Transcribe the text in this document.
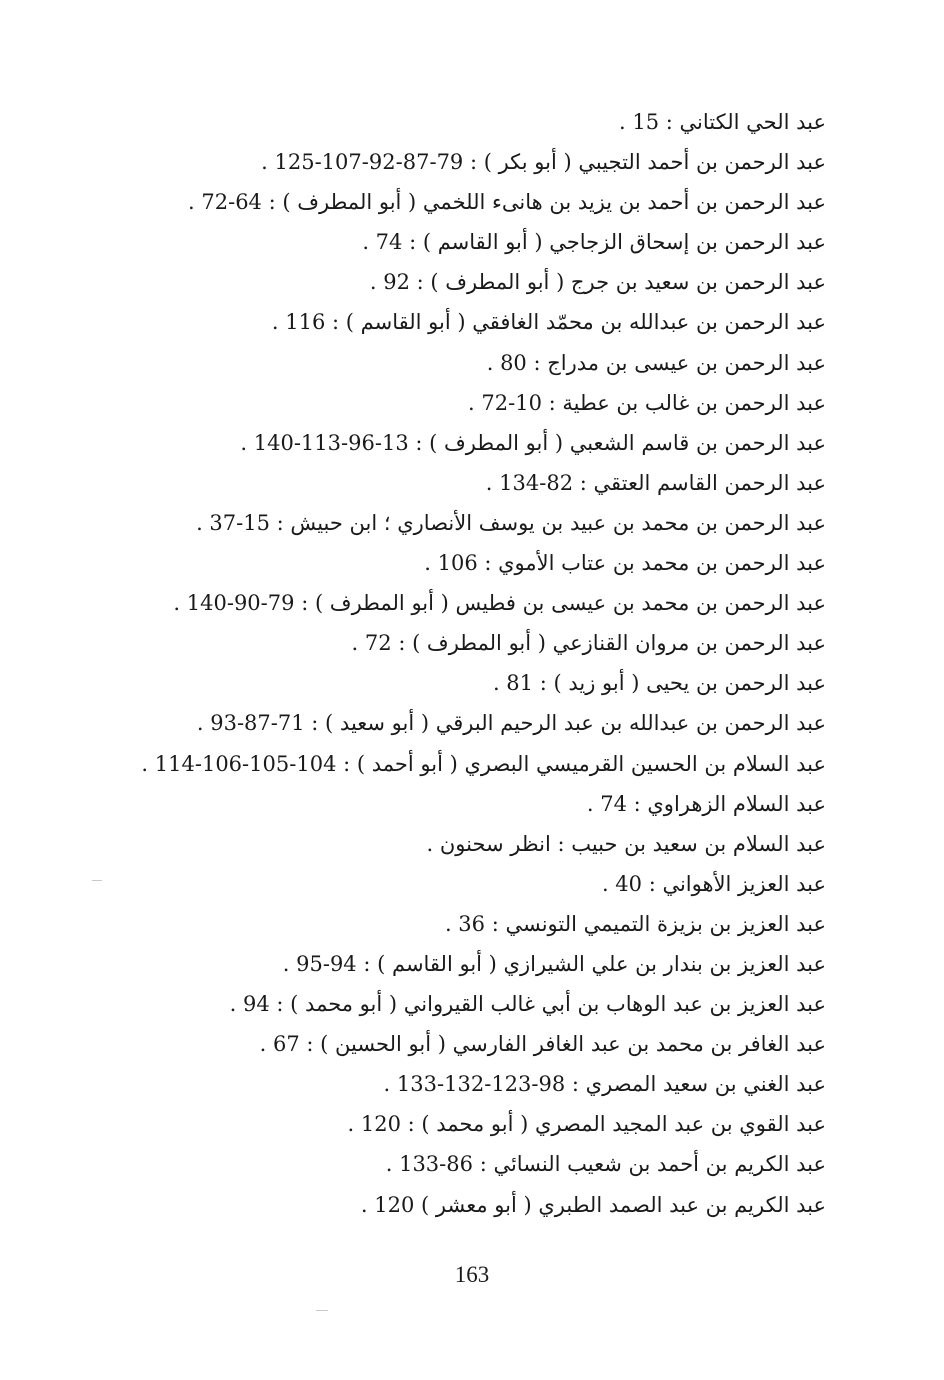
عبد الحي الكتاني : 15 .
عبد الرحمن بن أحمد التجيبي ( أبو بكر ) : 79-87-92-107-125 .
عبد الرحمن بن أحمد بن يزيد بن هانىء اللخمي ( أبو المطرف ) : 64-72 .
عبد الرحمن بن إسحاق الزجاجي ( أبو القاسم ) : 74 .
عبد الرحمن بن سعيد بن جرج ( أبو المطرف ) : 92 .
عبد الرحمن بن عبدالله بن محمّد الغافقي ( أبو القاسم ) : 116 .
عبد الرحمن بن عيسى بن مدراج : 80 .
عبد الرحمن بن غالب بن عطية : 10-72 .
عبد الرحمن بن قاسم الشعبي ( أبو المطرف ) : 13-96-113-140 .
عبد الرحمن القاسم العتقي : 82-134 .
عبد الرحمن بن محمد بن عبيد بن يوسف الأنصاري ؛ ابن حبيش : 15-37 .
عبد الرحمن بن محمد بن عتاب الأموي : 106 .
عبد الرحمن بن محمد بن عيسى بن فطيس ( أبو المطرف ) : 79-90-140 .
عبد الرحمن بن مروان القنازعي ( أبو المطرف ) : 72 .
عبد الرحمن بن يحيى ( أبو زيد ) : 81 .
عبد الرحمن بن عبدالله بن عبد الرحيم البرقي ( أبو سعيد ) : 71-87-93 .
عبد السلام بن الحسين القرميسي البصري ( أبو أحمد ) : 104-105-106-114 .
عبد السلام الزهراوي : 74 .
عبد السلام بن سعيد بن حبيب : انظر سحنون .
عبد العزيز الأهواني : 40 .
عبد العزيز بن بزيزة التميمي التونسي : 36 .
عبد العزيز بن بندار بن علي الشيرازي ( أبو القاسم ) : 94-95 .
عبد العزيز بن عبد الوهاب بن أبي غالب القيرواني ( أبو محمد ) : 94 .
عبد الغافر بن محمد بن عبد الغافر الفارسي ( أبو الحسين ) : 67 .
عبد الغني بن سعيد المصري : 98-123-132-133 .
عبد القوي بن عبد المجيد المصري ( أبو محمد ) : 120 .
عبد الكريم بن أحمد بن شعيب النسائي : 86-133 .
عبد الكريم بن عبد الصمد الطبري ( أبو معشر ) 120 .
163
